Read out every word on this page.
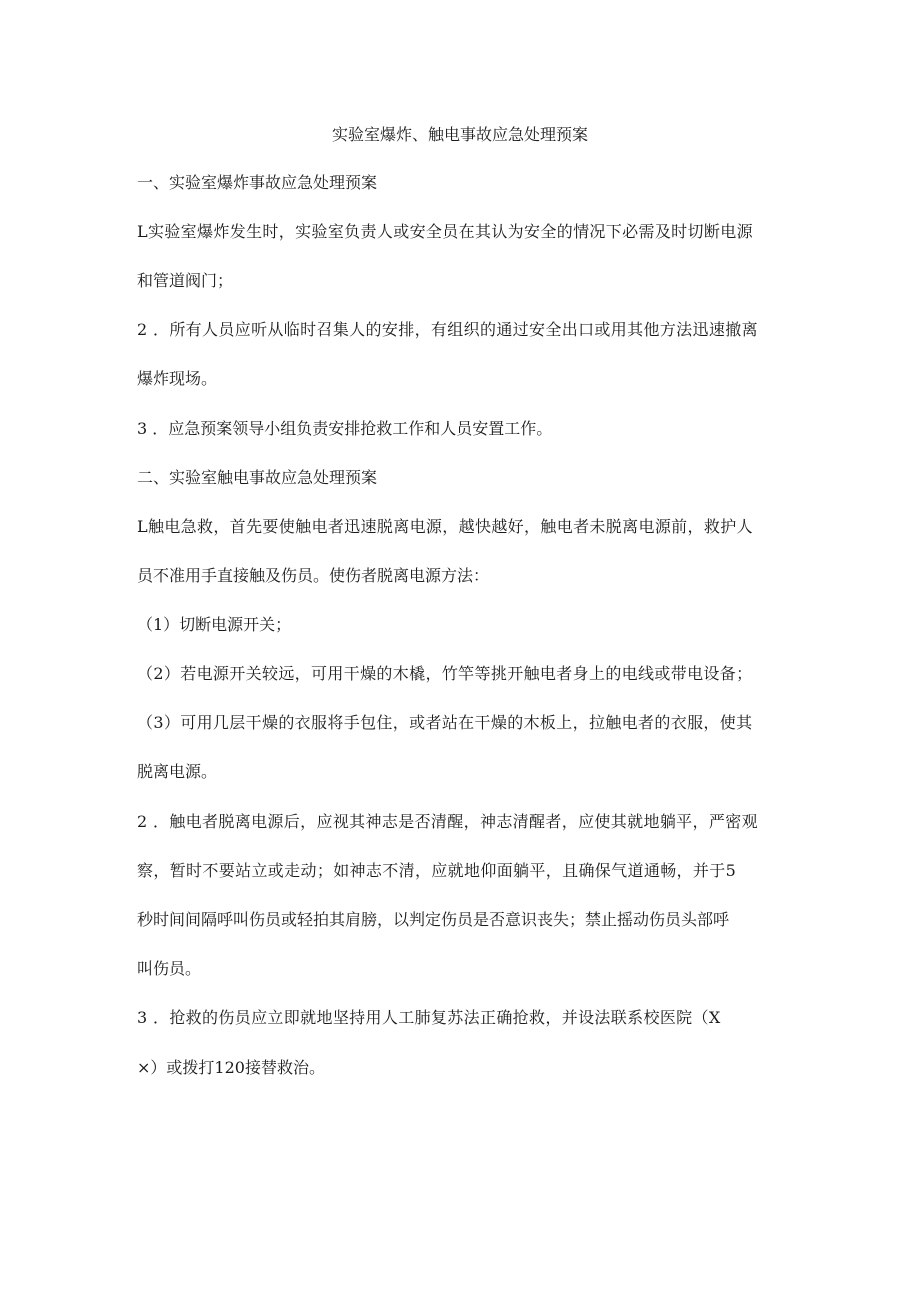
实验室爆炸、触电事故应急处理预案
一、实验室爆炸事故应急处理预案
L实验室爆炸发生时，实验室负责人或安全员在其认为安全的情况下必需及时切断电源
和管道阀门；
2 ．所有人员应听从临时召集人的安排，有组织的通过安全出口或用其他方法迅速撤离
爆炸现场。
3 ．应急预案领导小组负责安排抢救工作和人员安置工作。
二、实验室触电事故应急处理预案
L触电急救，首先要使触电者迅速脱离电源，越快越好，触电者未脱离电源前，救护人
员不准用手直接触及伤员。使伤者脱离电源方法：
（1）切断电源开关；
（2）若电源开关较远，可用干燥的木橇，竹竿等挑开触电者身上的电线或带电设备；
（3）可用几层干燥的衣服将手包住，或者站在干燥的木板上，拉触电者的衣服，使其
脱离电源。
2 ．触电者脱离电源后，应视其神志是否清醒，神志清醒者，应使其就地躺平，严密观
察，暂时不要站立或走动；如神志不清，应就地仰面躺平，且确保气道通畅，并于5
秒时间间隔呼叫伤员或轻拍其肩膀，以判定伤员是否意识丧失；禁止摇动伤员头部呼
叫伤员。
3 ．抢救的伤员应立即就地坚持用人工肺复苏法正确抢救，并设法联系校医院（X
×）或拨打120接替救治。
